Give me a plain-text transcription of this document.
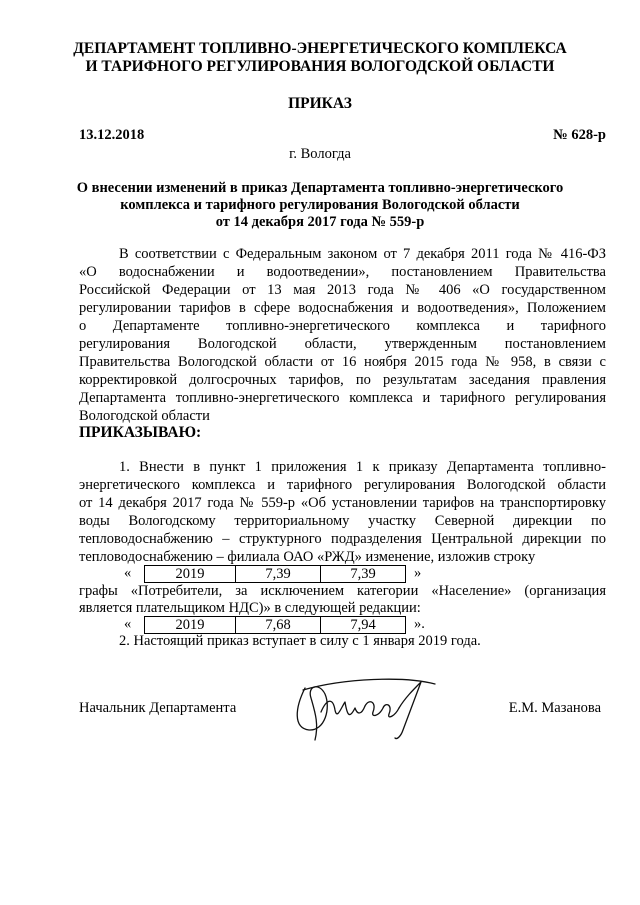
ДЕПАРТАМЕНТ ТОПЛИВНО-ЭНЕРГЕТИЧЕСКОГО КОМПЛЕКСА
И ТАРИФНОГО РЕГУЛИРОВАНИЯ ВОЛОГОДСКОЙ ОБЛАСТИ
ПРИКАЗ
13.12.2018	№ 628-р
г. Вологда
О внесении изменений в приказ Департамента топливно-энергетического
комплекса и тарифного регулирования Вологодской области
от 14 декабря 2017 года № 559-р
В соответствии с Федеральным законом от 7 декабря 2011 года № 416-ФЗ
«О водоснабжении и водоотведении», постановлением Правительства
Российской Федерации от 13 мая 2013 года № 406 «О государственном
регулировании тарифов в сфере водоснабжения и водоотведения», Положением
о Департаменте топливно-энергетического комплекса и тарифного
регулирования Вологодской области, утвержденным постановлением
Правительства Вологодской области от 16 ноября 2015 года № 958, в связи с
корректировкой долгосрочных тарифов, по результатам заседания правления
Департамента топливно-энергетического комплекса и тарифного регулирования
Вологодской области
ПРИКАЗЫВАЮ:
1. Внести в пункт 1 приложения 1 к приказу Департамента топливно-
энергетического комплекса и тарифного регулирования Вологодской области
от 14 декабря 2017 года № 559-р «Об установлении тарифов на транспортировку
воды Вологодскому территориальному участку Северной дирекции по
тепловодоснабжению – структурного подразделения Центральной дирекции по
тепловодоснабжению – филиала ОАО «РЖД» изменение, изложив строку
«	2019	7,39	7,39	»
графы «Потребители, за исключением категории «Население» (организация
является плательщиком НДС)» в следующей редакции:
«	2019	7,68	7,94	».
2. Настоящий приказ вступает в силу с 1 января 2019 года.
Начальник Департамента	Е.М. Мазанова
